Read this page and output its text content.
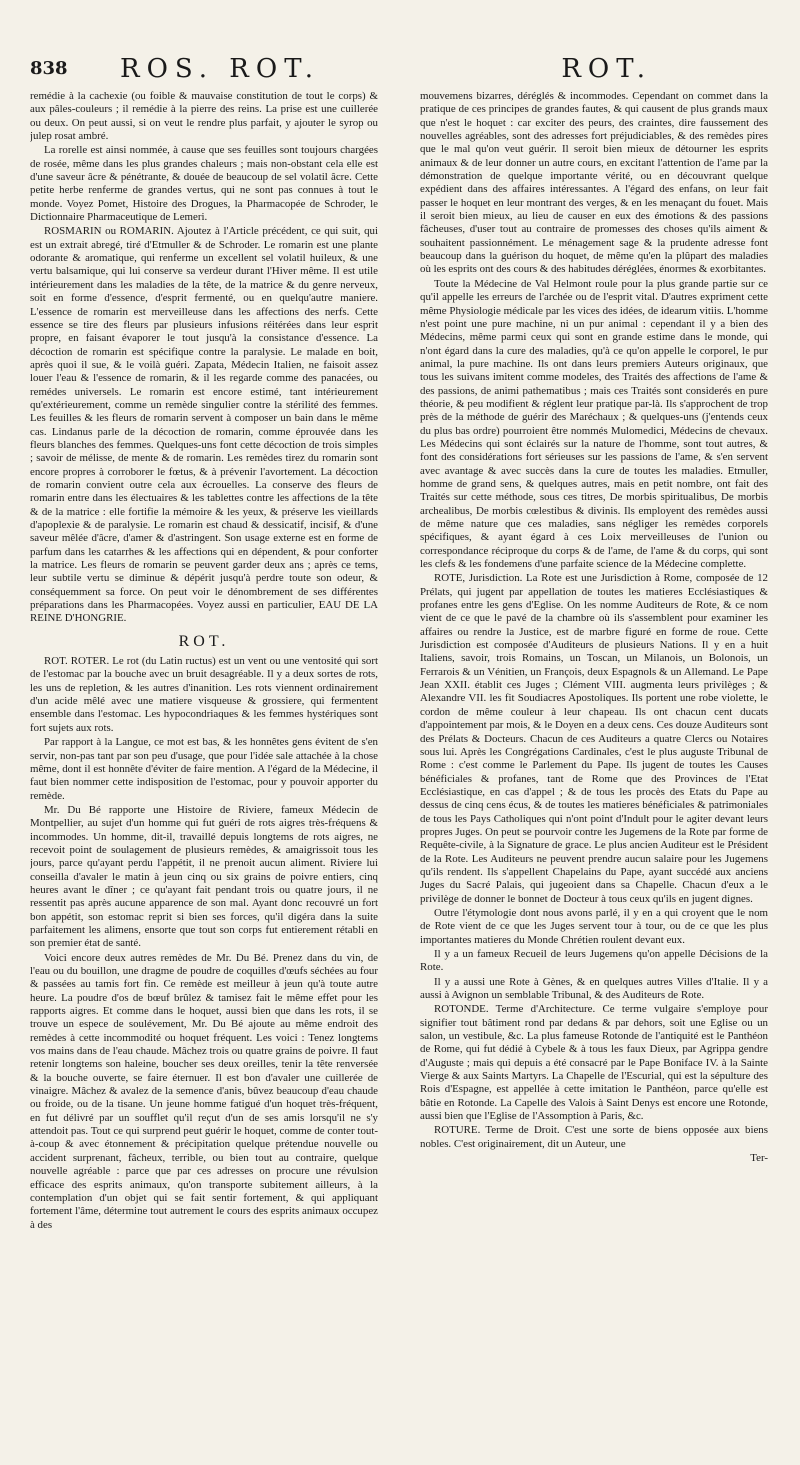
838 ROS. ROT.	ROT.

remédie à la cachexie (ou foible & mauvaise constitution de tout le corps) & aux pâles-couleurs ; il remédie à la pierre des reins. La prise est une cuillerée ou deux. On peut aussi, si on veut le rendre plus parfait, y ajouter le syrop ou julep rosat ambré.

La rorelle est ainsi nommée, à cause que ses feuilles sont toujours chargées de rosée, même dans les plus grandes chaleurs ; mais non-obstant cela elle est d'une saveur âcre & pénétrante, & douée de beaucoup de sel volatil âcre. Cette petite herbe renferme de grandes vertus, qui ne sont pas connues à tout le monde. Voyez Pomet, Histoire des Drogues, la Pharmacopée de Schroder, le Dictionnaire Pharmaceutique de Lemeri.

ROSMARIN ou ROMARIN. Ajoutez à l'Article précédent, ce qui suit, qui est un extrait abregé, tiré d'Etmuller & de Schroder. Le romarin est une plante odorante & aromatique, qui renferme un excellent sel volatil huileux, & une vertu balsamique, qui lui conserve sa verdeur durant l'Hiver même. Il est utile intérieurement dans les maladies de la tête, de la matrice & du genre nerveux, soit en forme d'essence, d'esprit fermenté, ou en quelqu'autre maniere. L'essence de romarin est merveilleuse dans les affections des nerfs. Cette essence se tire des fleurs par plusieurs infusions réitérées dans leur esprit propre, en faisant évaporer le tout jusqu'à la consistance d'essence. La décoction de romarin est spécifique contre la paralysie. Le malade en boit, après quoi il sue, & le voilà guéri. Zapata, Médecin Italien, ne faisoit assez louer l'eau & l'essence de romarin, & il les regarde comme des panacées, ou remédes universels. Le romarin est encore estimé, tant intérieurement qu'extérieurement, comme un remède singulier contre la stérilité des femmes. Les feuilles & les fleurs de romarin servent à composer un bain dans le même cas. Lindanus parle de la décoction de romarin, comme éprouvée dans les fleurs blanches des femmes. Quelques-uns font cette décoction de trois simples ; savoir de mélisse, de mente & de romarin. Les remèdes tirez du romarin sont encore propres à corroborer le fœtus, & à prévenir l'avortement. La décoction de romarin convient outre cela aux écrouelles. La conserve des fleurs de romarin entre dans les électuaires & les tablettes contre les affections de la tête & de la matrice : elle fortifie la mémoire & les yeux, & préserve les vieillards d'apoplexie & de paralysie. Le romarin est chaud & dessicatif, incisif, & d'une saveur mêlée d'âcre, d'amer & d'astringent. Son usage externe est en forme de parfum dans les catarrhes & les affections qui en dépendent, & pour conforter la matrice. Les fleurs de romarin se peuvent garder deux ans ; après ce tems, leur subtile vertu se diminue & dépérit jusqu'à perdre toute son odeur, & conséquemment sa force. On peut voir le dénombrement de ses différentes préparations dans les Pharmacopées. Voyez aussi en particulier, EAU DE LA REINE D'HONGRIE.

ROT.

ROT. ROTER. Le rot (du Latin ructus) est un vent ou une ventosité qui sort de l'estomac par la bouche avec un bruit desagréable. Il y a deux sortes de rots, les uns de repletion, & les autres d'inanition. Les rots viennent ordinairement d'un acide mêlé avec une matiere visqueuse & grossiere, qui fermentent ensemble dans l'estomac. Les hypocondriaques & les femmes hystériques sont fort sujets aux rots.

Par rapport à la Langue, ce mot est bas, & les honnêtes gens évitent de s'en servir, non-pas tant par son peu d'usage, que pour l'idée sale attachée à la chose même, dont il est honnête d'éviter de faire mention. A l'égard de la Médecine, il faut bien nommer cette indisposition de l'estomac, pour y pouvoir apporter du remède.

Mr. Du Bé rapporte une Histoire de Riviere, fameux Médecin de Montpellier, au sujet d'un homme qui fut guéri de rots aigres très-fréquens & incommodes. Un homme, dit-il, travaillé depuis longtems de rots aigres, ne recevoit point de soulagement de plusieurs remèdes, & amaigrissoit tous les jours, parce qu'ayant perdu l'appétit, il ne prenoit aucun aliment. Riviere lui conseilla d'avaler le matin à jeun cinq ou six grains de poivre entiers, cinq heures avant le dîner ; ce qu'ayant fait pendant trois ou quatre jours, il ne ressentit pas après aucune apparence de son mal. Ayant donc recouvré un fort bon appétit, son estomac reprit si bien ses forces, qu'il digéra dans la suite parfaitement les alimens, ensorte que tout son corps fut entierement rétabli en son premier état de santé.

Voici encore deux autres remèdes de Mr. Du Bé. Prenez dans du vin, de l'eau ou du bouillon, une dragme de poudre de coquilles d'œufs séchées au four & passées au tamis fort fin. Ce remède est meilleur à jeun qu'à toute autre heure. La poudre d'os de bœuf brûlez & tamisez fait le même effet pour les rapports aigres. Et comme dans le hoquet, aussi bien que dans les rots, il se trouve un espece de soulévement, Mr. Du Bé ajoute au même endroit des remèdes à cette incommodité ou hoquet fréquent. Les voici : Tenez longtems vos mains dans de l'eau chaude. Mâchez trois ou quatre grains de poivre. Il faut retenir longtems son haleine, boucher ses deux oreilles, tenir la tête renversée & la bouche ouverte, se faire éternuer. Il est bon d'avaler une cuillerée de vinaigre. Mâchez & avalez de la semence d'anis, bûvez beaucoup d'eau chaude ou froide, ou de la tisane. Un jeune homme fatigué d'un hoquet très-fréquent, en fut délivré par un soufflet qu'il reçut d'un de ses amis lorsqu'il ne s'y attendoit pas. Tout ce qui surprend peut guérir le hoquet, comme de conter tout-à-coup & avec étonnement & précipitation quelque prétendue nouvelle ou accident surprenant, fâcheux, terrible, ou bien tout au contraire, quelque nouvelle agréable : parce que par ces adresses on procure une révulsion efficace des esprits animaux, qu'on transporte subitement ailleurs, à la contemplation d'un objet qui se fait sentir fortement, & qui appliquant fortement l'âme, détermine tout autrement le cours des esprits animaux occupez à des

mouvemens bizarres, déréglés & incommodes. Cependant on commet dans la pratique de ces principes de grandes fautes, & qui causent de plus grands maux que n'est le hoquet : car exciter des peurs, des craintes, dire faussement des nouvelles agréables, sont des adresses fort préjudiciables, & des remèdes pires que le mal qu'on veut guérir. Il seroit bien mieux de détourner les esprits animaux & de leur donner un autre cours, en excitant l'attention de l'ame par la démonstration de quelque importante vérité, ou en découvrant quelque expédient dans des affaires intéressantes. A l'égard des enfans, on leur fait passer le hoquet en leur montrant des verges, & en les menaçant du fouet. Mais il seroit bien mieux, au lieu de causer en eux des émotions & des passions fâcheuses, d'user tout au contraire de promesses des choses qu'ils aiment & souhaitent passionnément. Le ménagement sage & la prudente adresse font beaucoup dans la guérison du hoquet, de même qu'en la plûpart des maladies où les esprits ont des cours & des habitudes déréglées, énormes & exorbitantes.

Toute la Médecine de Val Helmont roule pour la plus grande partie sur ce qu'il appelle les erreurs de l'archée ou de l'esprit vital. D'autres expriment cette même Physiologie médicale par les vices des idées, de idearum vitiis. L'homme n'est point une pure machine, ni un pur animal : cependant il y a bien des Médecins, même parmi ceux qui sont en grande estime dans le monde, qui n'ont égard dans la cure des maladies, qu'à ce qu'on appelle le corporel, le pur animal, la pure machine. Ils ont dans leurs premiers Auteurs originaux, que tous les suivans imitent comme modeles, des Traités des affections de l'ame & des passions, de animi pathematibus ; mais ces Traités sont considerés en pure théorie, & peu modifient & réglent leur pratique par-là. Ils s'approchent de trop près de la méthode de guérir des Maréchaux ; & quelques-uns (j'entends ceux du plus bas ordre) pourroient être nommés Mulomedici, Médecins de chevaux. Les Médecins qui sont éclairés sur la nature de l'homme, sont tout autres, & font des considérations fort sérieuses sur les passions de l'ame, & s'en servent avec avantage & avec succès dans la cure de toutes les maladies. Etmuller, homme de grand sens, & quelques autres, mais en petit nombre, ont fait des Traités sur cette méthode, sous ces titres, De morbis spiritualibus, De morbis archealibus, De morbis cœlestibus & divinis. Ils employent des remèdes aussi de même nature que ces maladies, sans négliger les remèdes corporels spécifiques, & ayant égard à ces Loix merveilleuses de l'union ou correspondance réciproque du corps & de l'ame, de l'ame & du corps, qui sont les clefs & les fondemens d'une parfaite science de la Médecine complette.

ROTE, Jurisdiction. La Rote est une Jurisdiction à Rome, composée de 12 Prélats, qui jugent par appellation de toutes les matieres Ecclésiastiques & profanes entre les gens d'Eglise. On les nomme Auditeurs de Rote, & ce nom vient de ce que le pavé de la chambre où ils s'assemblent pour examiner les affaires ou rendre la Justice, est de marbre figuré en forme de roue. Cette Jurisdiction est composée d'Auditeurs de plusieurs Nations. Il y en a huit Italiens, savoir, trois Romains, un Toscan, un Milanois, un Bolonois, un Ferrarois & un Vénitien, un François, deux Espagnols & un Allemand. Le Pape Jean XXII. établit ces Juges ; Clément VIII. augmenta leurs privilèges ; & Alexandre VII. les fit Soudiacres Apostoliques. Ils portent une robe violette, le cordon de même couleur à leur chapeau. Ils ont chacun cent ducats d'appointement par mois, & le Doyen en a deux cens. Ces douze Auditeurs sont des Prélats & Docteurs. Chacun de ces Auditeurs a quatre Clercs ou Notaires sous lui. Après les Congrégations Cardinales, c'est le plus auguste Tribunal de Rome : c'est comme le Parlement du Pape. Ils jugent de toutes les Causes bénéficiales & profanes, tant de Rome que des Provinces de l'Etat Ecclésiastique, en cas d'appel ; & de tous les procès des Etats du Pape au dessus de cinq cens écus, & de toutes les matieres bénéficiales & patrimoniales de tous les Pays Catholiques qui n'ont point d'Indult pour le agiter devant leurs propres Juges. On peut se pourvoir contre les Jugemens de la Rote par forme de Requête-civile, à la Signature de grace. Le plus ancien Auditeur est le Président de la Rote. Les Auditeurs ne peuvent prendre aucun salaire pour les Jugemens qu'ils rendent. Ils s'appellent Chapelains du Pape, ayant succédé aux anciens Juges du Sacré Palais, qui jugeoient dans sa Chapelle. Chacun d'eux a le privilège de donner le bonnet de Docteur à tous ceux qu'ils en jugent dignes.

Outre l'étymologie dont nous avons parlé, il y en a qui croyent que le nom de Rote vient de ce que les Juges servent tour à tour, ou de ce que les plus importantes matieres du Monde Chrétien roulent devant eux.

Il y a un fameux Recueil de leurs Jugemens qu'on appelle Décisions de la Rote.

Il y a aussi une Rote à Gènes, & en quelques autres Villes d'Italie. Il y a aussi à Avignon un semblable Tribunal, & des Auditeurs de Rote.

ROTONDE. Terme d'Architecture. Ce terme vulgaire s'employe pour signifier tout bâtiment rond par dedans & par dehors, soit une Eglise ou un salon, un vestibule, &c. La plus fameuse Rotonde de l'antiquité est le Panthéon de Rome, qui fut dédié à Cybele & à tous les faux Dieux, par Agrippa gendre d'Auguste ; mais qui depuis a été consacré par le Pape Boniface IV. à la Sainte Vierge & aux Saints Martyrs. La Chapelle de l'Escurial, qui est la sépulture des Rois d'Espagne, est appellée à cette imitation le Panthéon, parce qu'elle est bâtie en Rotonde. La Capelle des Valois à Saint Denys est encore une Rotonde, aussi bien que l'Eglise de l'Assomption à Paris, &c.

ROTURE. Terme de Droit. C'est une sorte de biens opposée aux biens nobles. C'est originairement, dit un Auteur, une

Ter-
